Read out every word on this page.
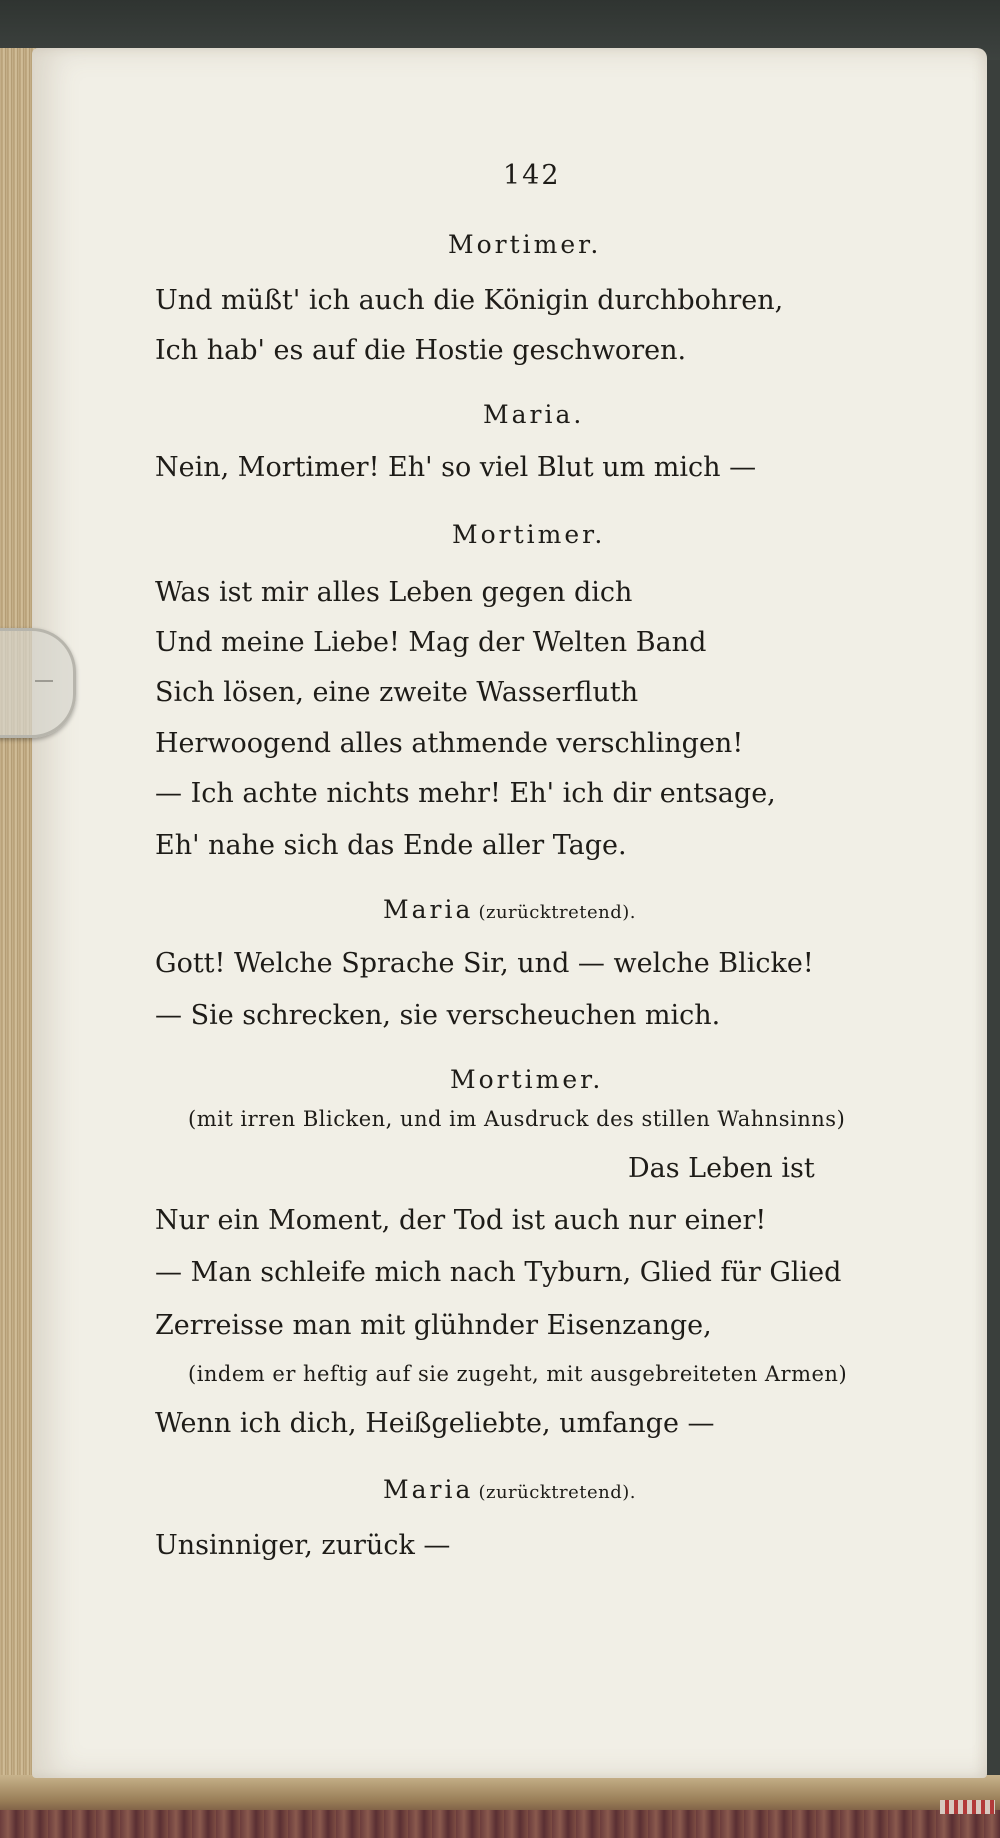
142
Mortimer.
Und müßt' ich auch die Königin durchbohren,
Ich hab' es auf die Hostie geschworen.
Maria.
Nein, Mortimer! Eh' so viel Blut um mich —
Mortimer.
Was ist mir alles Leben gegen dich
Und meine Liebe! Mag der Welten Band
Sich lösen, eine zweite Wasserfluth
Herwoogend alles athmende verschlingen!
— Ich achte nichts mehr! Eh' ich dir entsage,
Eh' nahe sich das Ende aller Tage.
Maria (zurücktretend).
Gott! Welche Sprache Sir, und — welche Blicke!
— Sie schrecken, sie verscheuchen mich.
Mortimer.
(mit irren Blicken, und im Ausdruck des stillen Wahnsinns)
Das Leben ist
Nur ein Moment, der Tod ist auch nur einer!
— Man schleife mich nach Tyburn, Glied für Glied
Zerreisse man mit glühnder Eisenzange,
(indem er heftig auf sie zugeht, mit ausgebreiteten Armen)
Wenn ich dich, Heißgeliebte, umfange —
Maria (zurücktretend).
Unsinniger, zurück —
